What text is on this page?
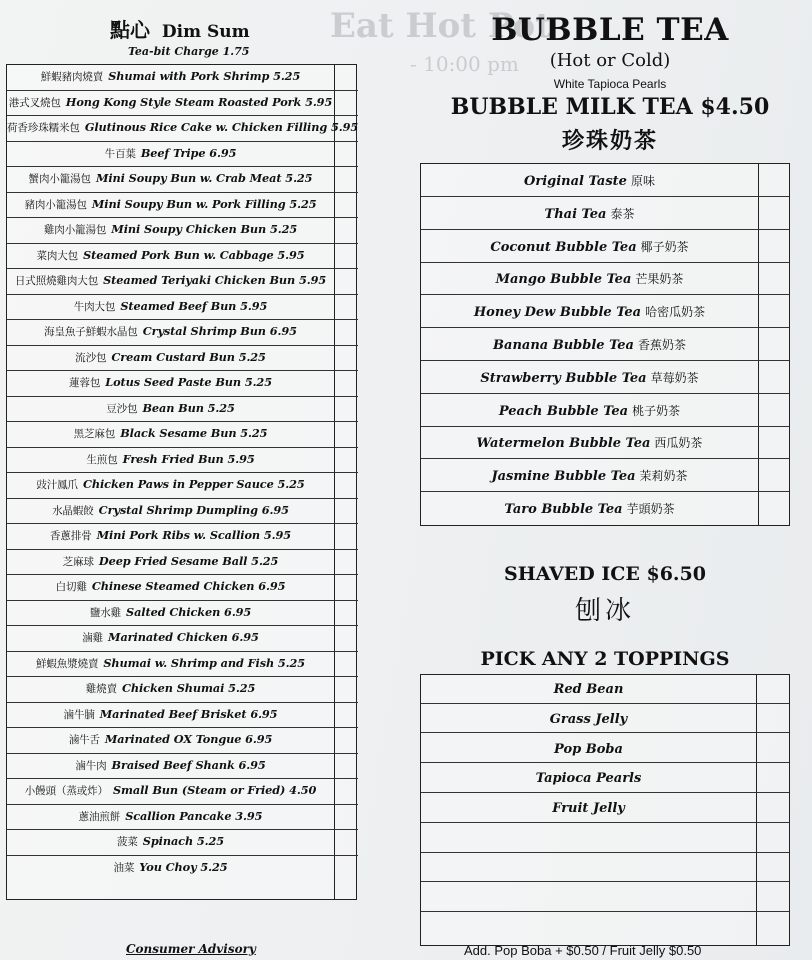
Eat Hot Pot
- 10:00 pm
點心 Dim Sum
Tea-bit Charge 1.75
鮮蝦豬肉燒賣 Shumai with Pork Shrimp 5.25
港式叉燒包 Hong Kong Style Steam Roasted Pork 5.95
荷香珍珠糯米包 Glutinous Rice Cake w. Chicken Filling 5.95
牛百葉 Beef Tripe 6.95
蟹肉小籠湯包 Mini Soupy Bun w. Crab Meat 5.25
豬肉小籠湯包 Mini Soupy Bun w. Pork Filling 5.25
雞肉小籠湯包 Mini Soupy Chicken Bun 5.25
菜肉大包 Steamed Pork Bun w. Cabbage 5.95
日式照燒雞肉大包 Steamed Teriyaki Chicken Bun 5.95
牛肉大包 Steamed Beef Bun 5.95
海皇魚子鮮蝦水晶包 Crystal Shrimp Bun 6.95
流沙包 Cream Custard Bun 5.25
蓮蓉包 Lotus Seed Paste Bun 5.25
豆沙包 Bean Bun 5.25
黑芝麻包 Black Sesame Bun 5.25
生煎包 Fresh Fried Bun 5.95
豉汁鳳爪 Chicken Paws in Pepper Sauce 5.25
水晶蝦餃 Crystal Shrimp Dumpling 6.95
香蔥排骨 Mini Pork Ribs w. Scallion 5.95
芝麻球 Deep Fried Sesame Ball 5.25
白切雞 Chinese Steamed Chicken 6.95
鹽水雞 Salted Chicken 6.95
滷雞 Marinated Chicken 6.95
鮮蝦魚漿燒賣 Shumai w. Shrimp and Fish 5.25
雞燒賣 Chicken Shumai 5.25
滷牛腩 Marinated Beef Brisket 6.95
滷牛舌 Marinated OX Tongue 6.95
滷牛肉 Braised Beef Shank 6.95
小饅頭（蒸或炸） Small Bun (Steam or Fried) 4.50
蔥油煎餅 Scallion Pancake 3.95
菠菜 Spinach 5.25
油菜 You Choy 5.25
Consumer Advisory
BUBBLE TEA
(Hot or Cold)
White Tapioca Pearls
BUBBLE MILK TEA $4.50
珍珠奶茶
Original Taste 原味
Thai Tea 泰茶
Coconut Bubble Tea 椰子奶茶
Mango Bubble Tea 芒果奶茶
Honey Dew Bubble Tea 哈密瓜奶茶
Banana Bubble Tea 香蕉奶茶
Strawberry Bubble Tea 草莓奶茶
Peach Bubble Tea 桃子奶茶
Watermelon Bubble Tea 西瓜奶茶
Jasmine Bubble Tea 茉莉奶茶
Taro Bubble Tea 芋頭奶茶
SHAVED ICE $6.50
刨冰
PICK ANY 2 TOPPINGS
Red Bean
Grass Jelly
Pop Boba
Tapioca Pearls
Fruit Jelly
Add. Pop Boba + $0.50 / Fruit Jelly $0.50
